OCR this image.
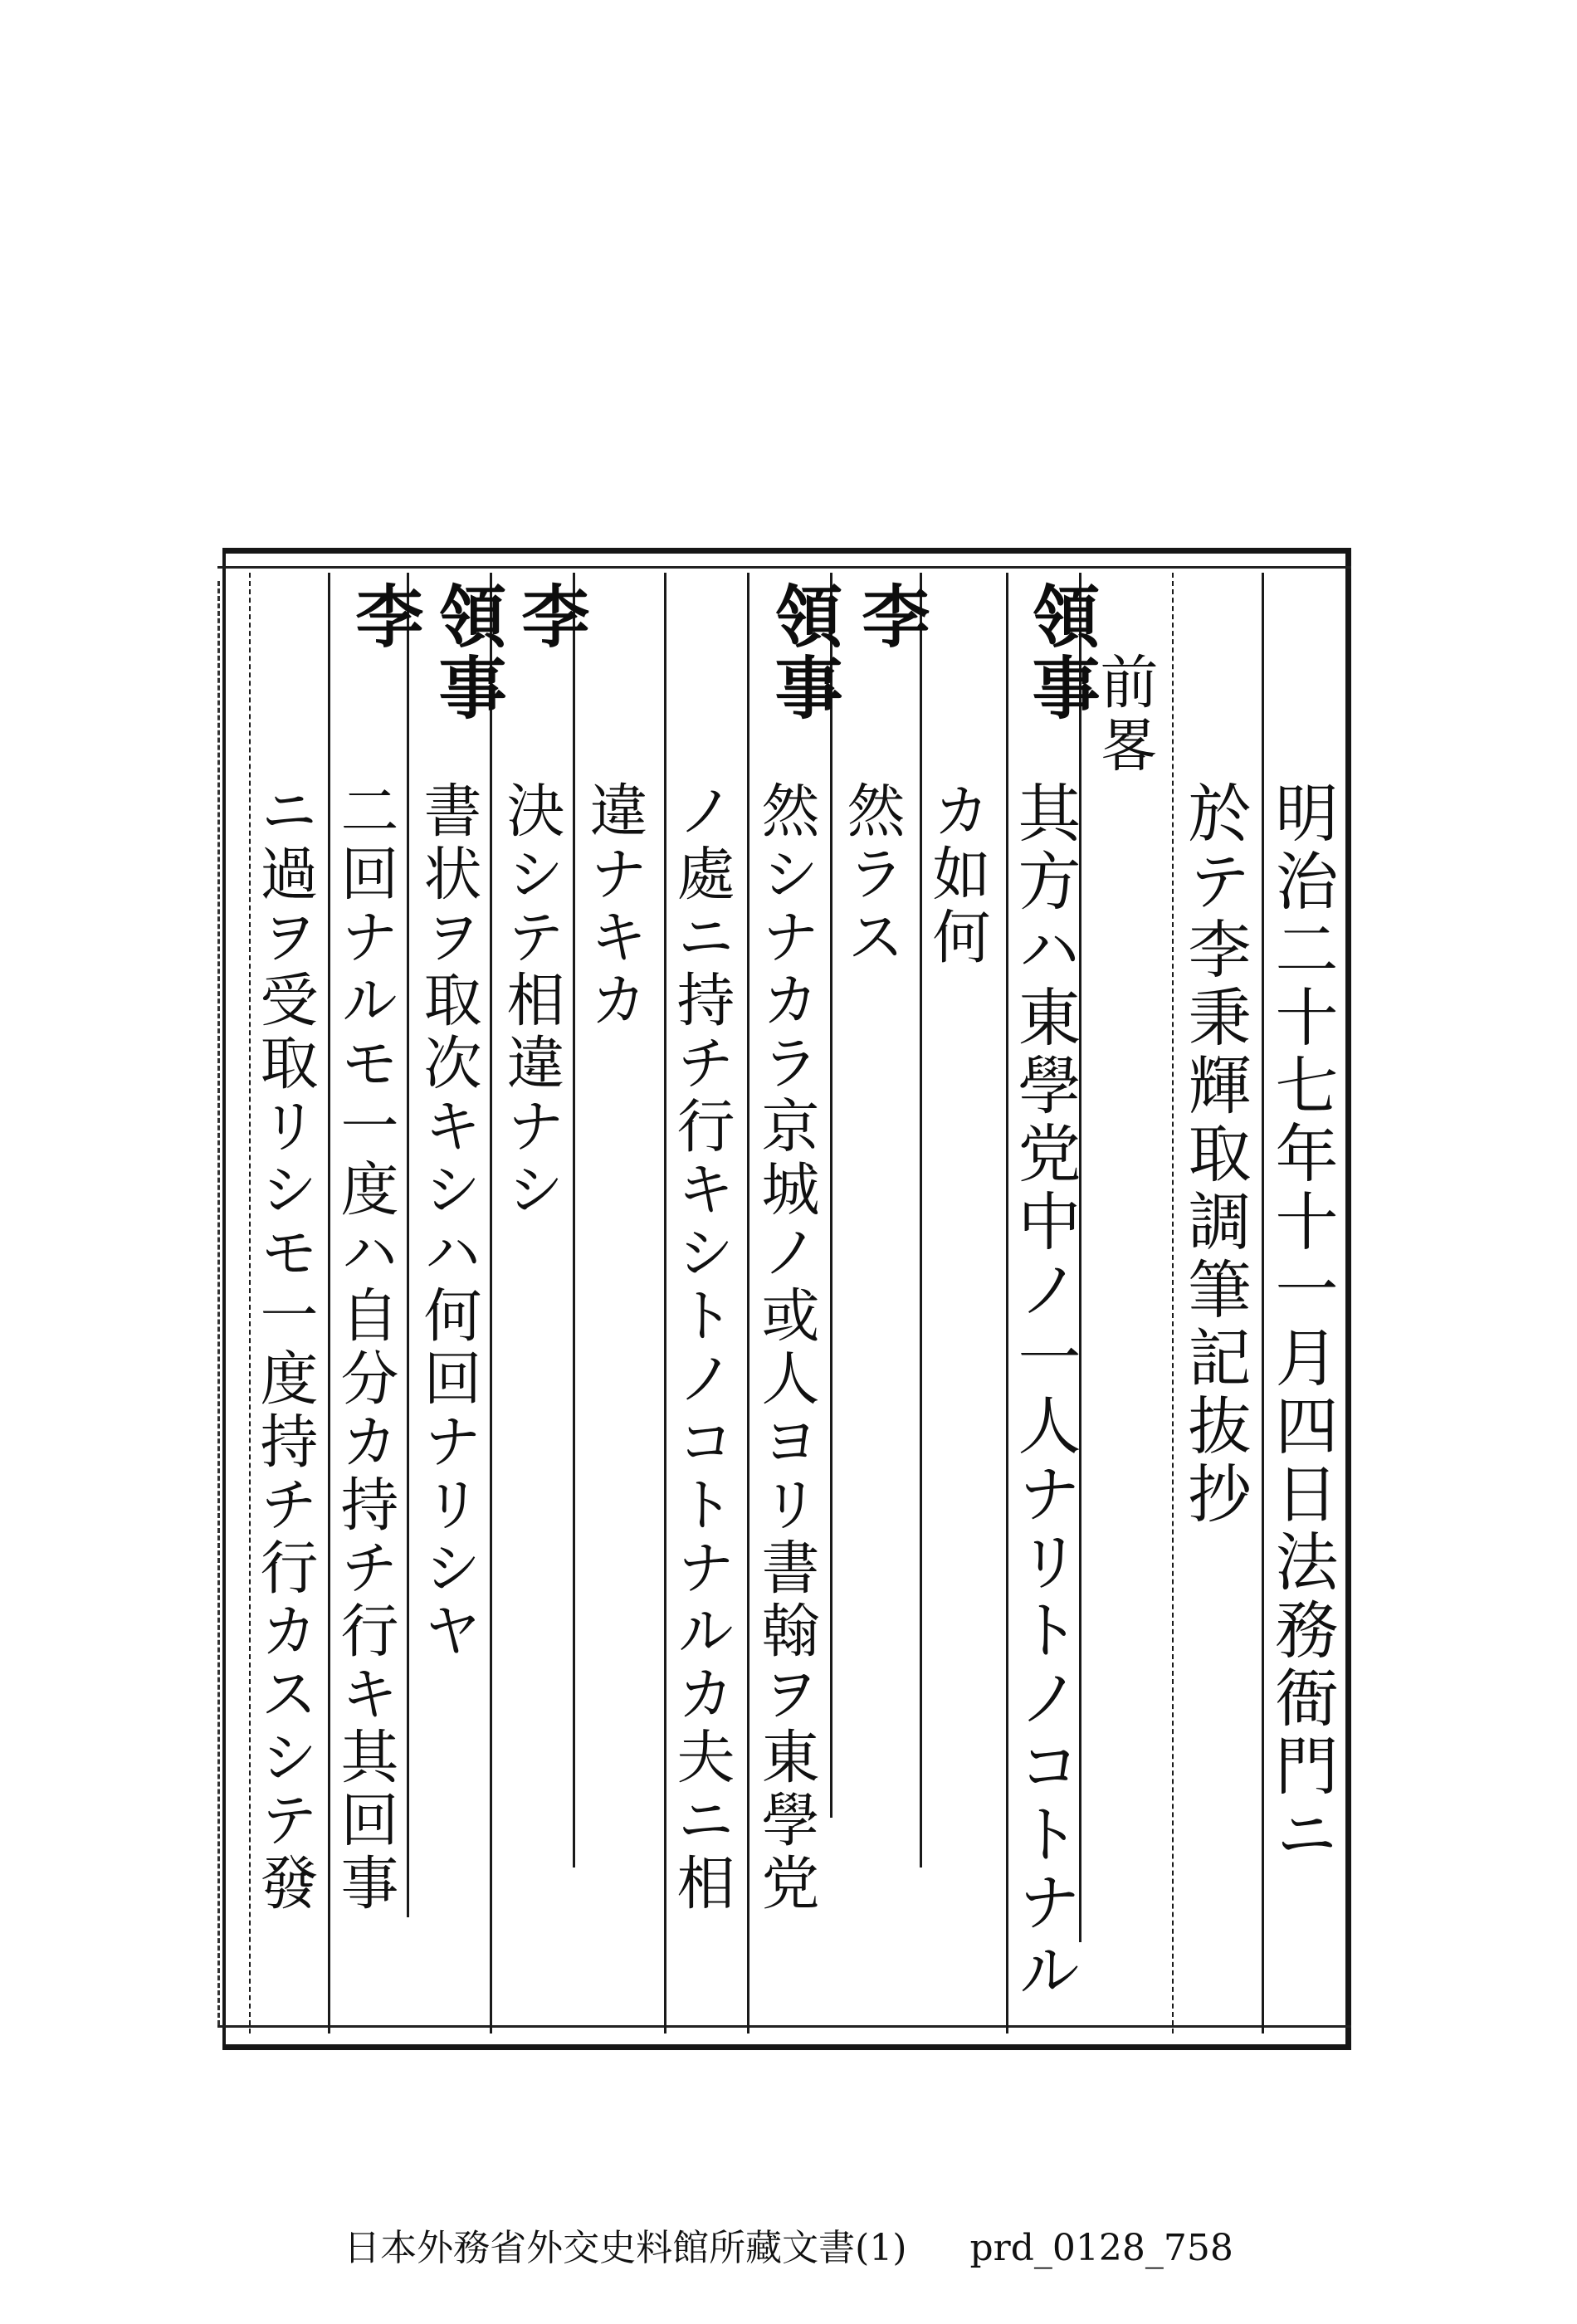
明治二十七年十一月四日法務衙門ニ
於テ李秉輝取調筆記抜抄
前畧
領事
其方ハ東學党中ノ一人ナリトノコトナル
カ如何
李
然ラス
領事
然シナカラ京城ノ或人ヨリ書翰ヲ東學党
ノ處ニ持チ行キシトノコトナルカ夫ニ相
違ナキカ
李
決シテ相違ナシ
領事
書状ヲ取次キシハ何回ナリシヤ
李
二回ナルモ一度ハ自分カ持チ行キ其回事
ニ過ヲ受取リシモ一度持チ行カスシテ發
日本外務省外交史料館所藏文書(1) prd_0128_758
